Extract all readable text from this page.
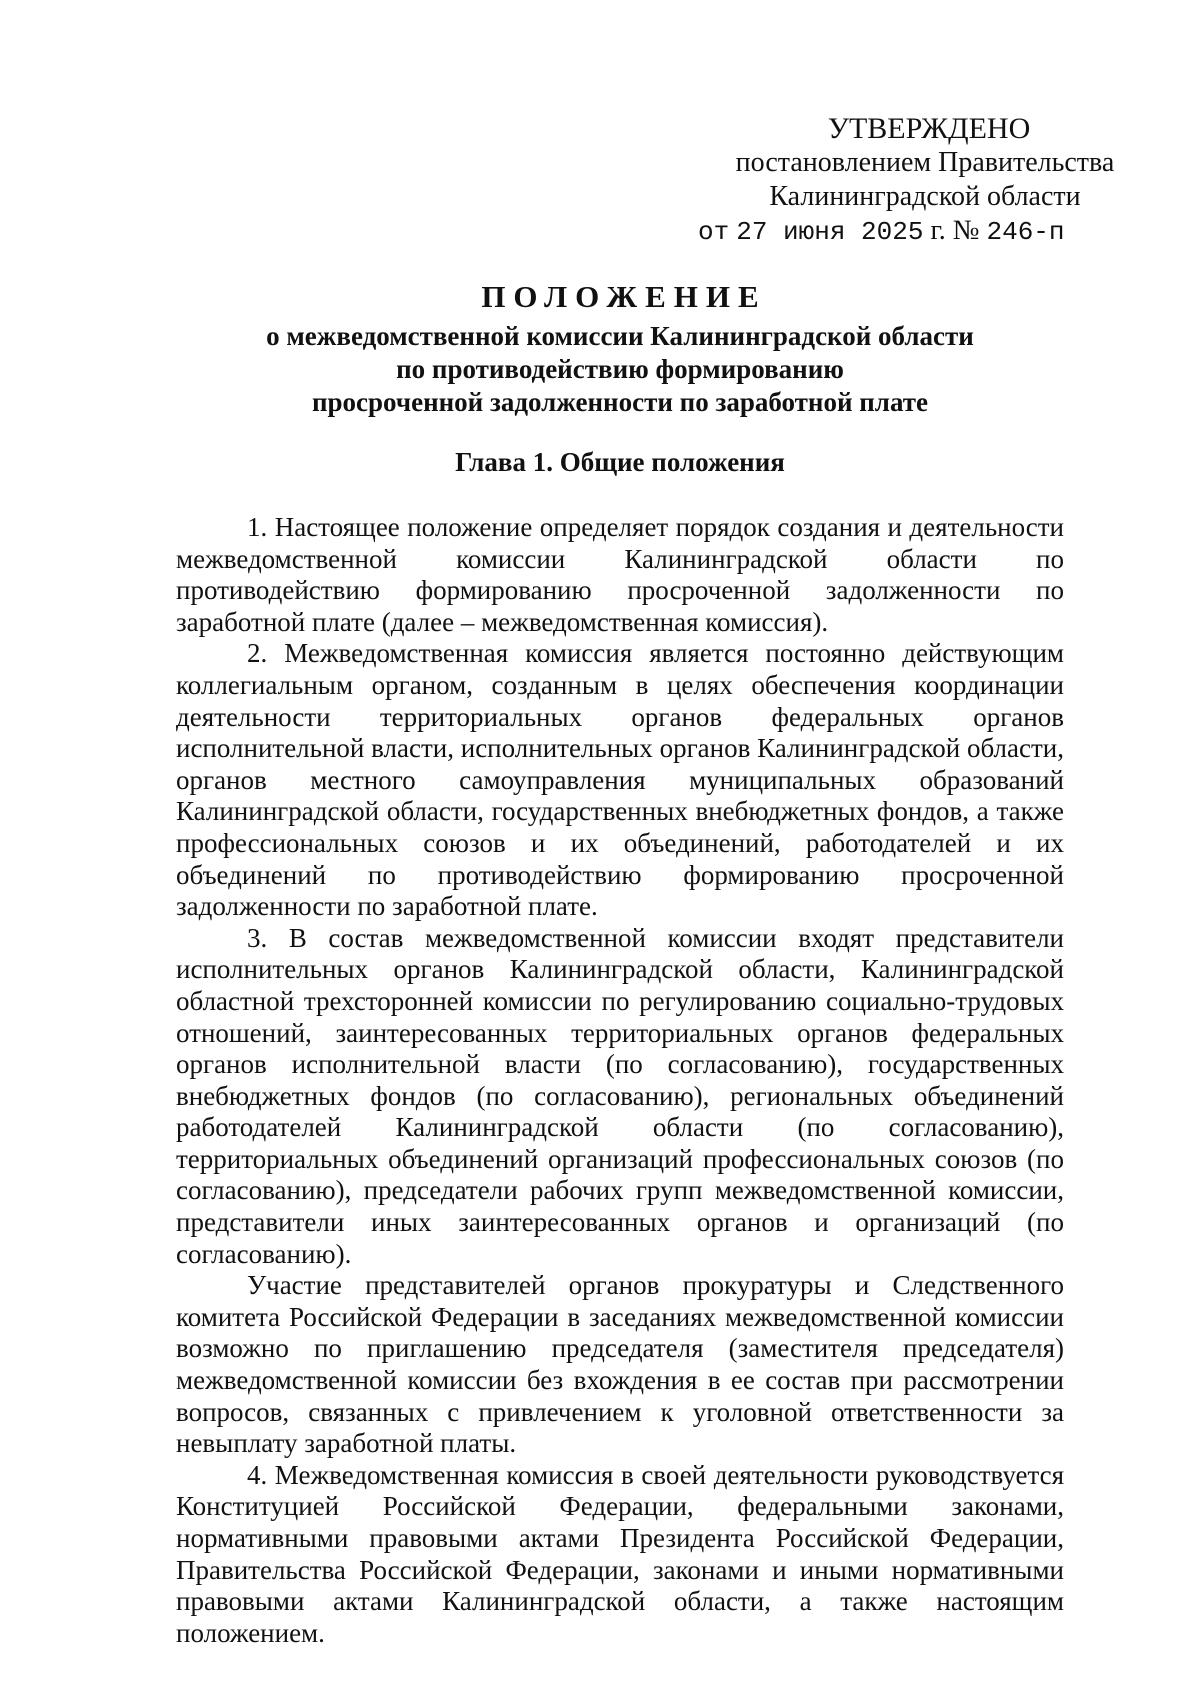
УТВЕРЖДЕНО
постановлением Правительства
Калининградской области
от 27 июня 2025 г. № 246-п
ПОЛОЖЕНИЕ
о межведомственной комиссии Калининградской области
по противодействию формированию
просроченной задолженности по заработной плате
Глава 1. Общие положения

1. Настоящее положение определяет порядок создания и деятельности межведомственной комиссии Калининградской области по противодействию формированию просроченной задолженности по заработной плате (далее – межведомственная комиссия).

2. Межведомственная комиссия является постоянно действующим коллегиальным органом, созданным в целях обеспечения координации деятельности территориальных органов федеральных органов исполнительной власти, исполнительных органов Калининградской области, органов местного самоуправления муниципальных образований Калининградской области, государственных внебюджетных фондов, а также профессиональных союзов и их объединений, работодателей и их объединений по противодействию формированию просроченной задолженности по заработной плате.

3. В состав межведомственной комиссии входят представители исполнительных органов Калининградской области, Калининградской областной трехсторонней комиссии по регулированию социально-трудовых отношений, заинтересованных территориальных органов федеральных органов исполнительной власти (по согласованию), государственных внебюджетных фондов (по согласованию), региональных объединений работодателей Калининградской области (по согласованию), территориальных объединений организаций профессиональных союзов (по согласованию), председатели рабочих групп межведомственной комиссии, представители иных заинтересованных органов и организаций (по согласованию).

Участие представителей органов прокуратуры и Следственного комитета Российской Федерации в заседаниях межведомственной комиссии возможно по приглашению председателя (заместителя председателя) межведомственной комиссии без вхождения в ее состав при рассмотрении вопросов, связанных с привлечением к уголовной ответственности за невыплату заработной платы.

4. Межведомственная комиссия в своей деятельности руководствуется Конституцией Российской Федерации, федеральными законами, нормативными правовыми актами Президента Российской Федерации, Правительства Российской Федерации, законами и иными нормативными правовыми актами Калининградской области, а также настоящим положением.
